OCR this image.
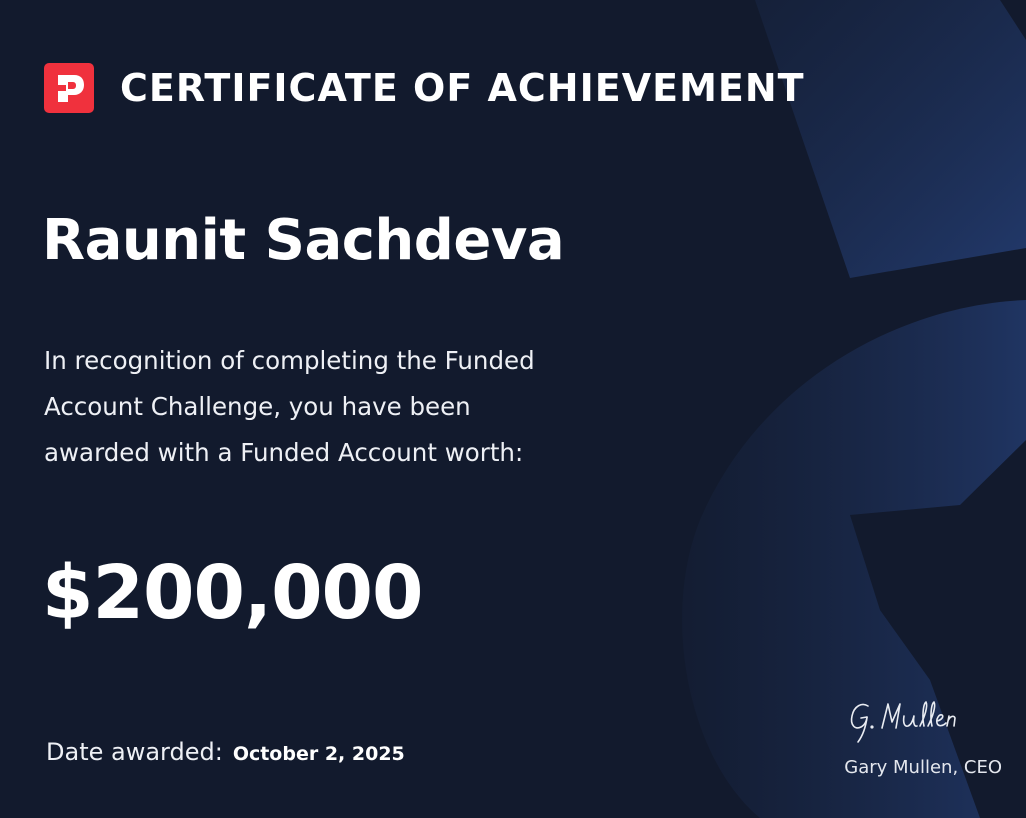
CERTIFICATE OF ACHIEVEMENT
Raunit Sachdeva
In recognition of completing the Funded
Account Challenge, you have been
awarded with a Funded Account worth:
$200,000
Date awarded: October 2, 2025
Gary Mullen, CEO
